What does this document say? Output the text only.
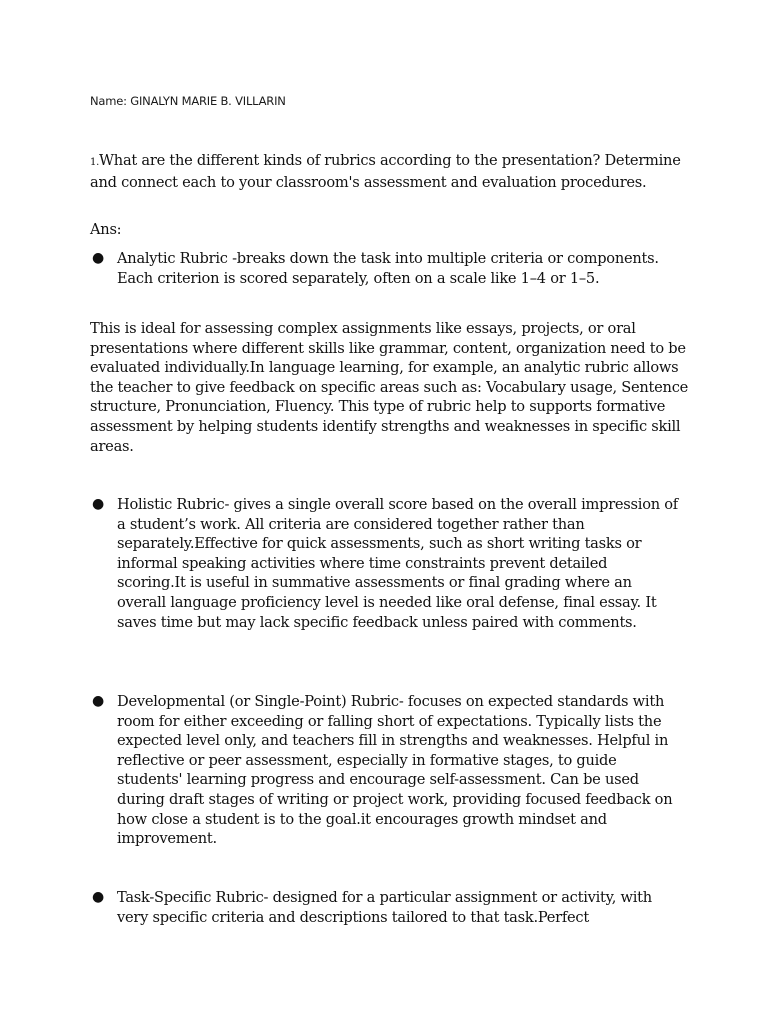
Name: GINALYN MARIE B. VILLARIN
1.What are the different kinds of rubrics according to the presentation? Determine and connect each to your classroom's assessment and evaluation procedures.
Ans:
● Analytic Rubric -breaks down the task into multiple criteria or components. Each criterion is scored separately, often on a scale like 1–4 or 1–5.
This is ideal for assessing complex assignments like essays, projects, or oral presentations where different skills like grammar, content, organization need to be evaluated individually.In language learning, for example, an analytic rubric allows the teacher to give feedback on specific areas such as: Vocabulary usage, Sentence structure, Pronunciation, Fluency. This type of rubric help to supports formative assessment by helping students identify strengths and weaknesses in specific skill areas.
● Holistic Rubric- gives a single overall score based on the overall impression of a student’s work. All criteria are considered together rather than separately.Effective for quick assessments, such as short writing tasks or informal speaking activities where time constraints prevent detailed scoring.It is useful in summative assessments or final grading where an overall language proficiency level is needed like oral defense, final essay. It saves time but may lack specific feedback unless paired with comments.
● Developmental (or Single-Point) Rubric- focuses on expected standards with room for either exceeding or falling short of expectations. Typically lists the expected level only, and teachers fill in strengths and weaknesses. Helpful in reflective or peer assessment, especially in formative stages, to guide students' learning progress and encourage self-assessment. Can be used during draft stages of writing or project work, providing focused feedback on how close a student is to the goal.it encourages growth mindset and improvement.
● Task-Specific Rubric- designed for a particular assignment or activity, with very specific criteria and descriptions tailored to that task.Perfect
